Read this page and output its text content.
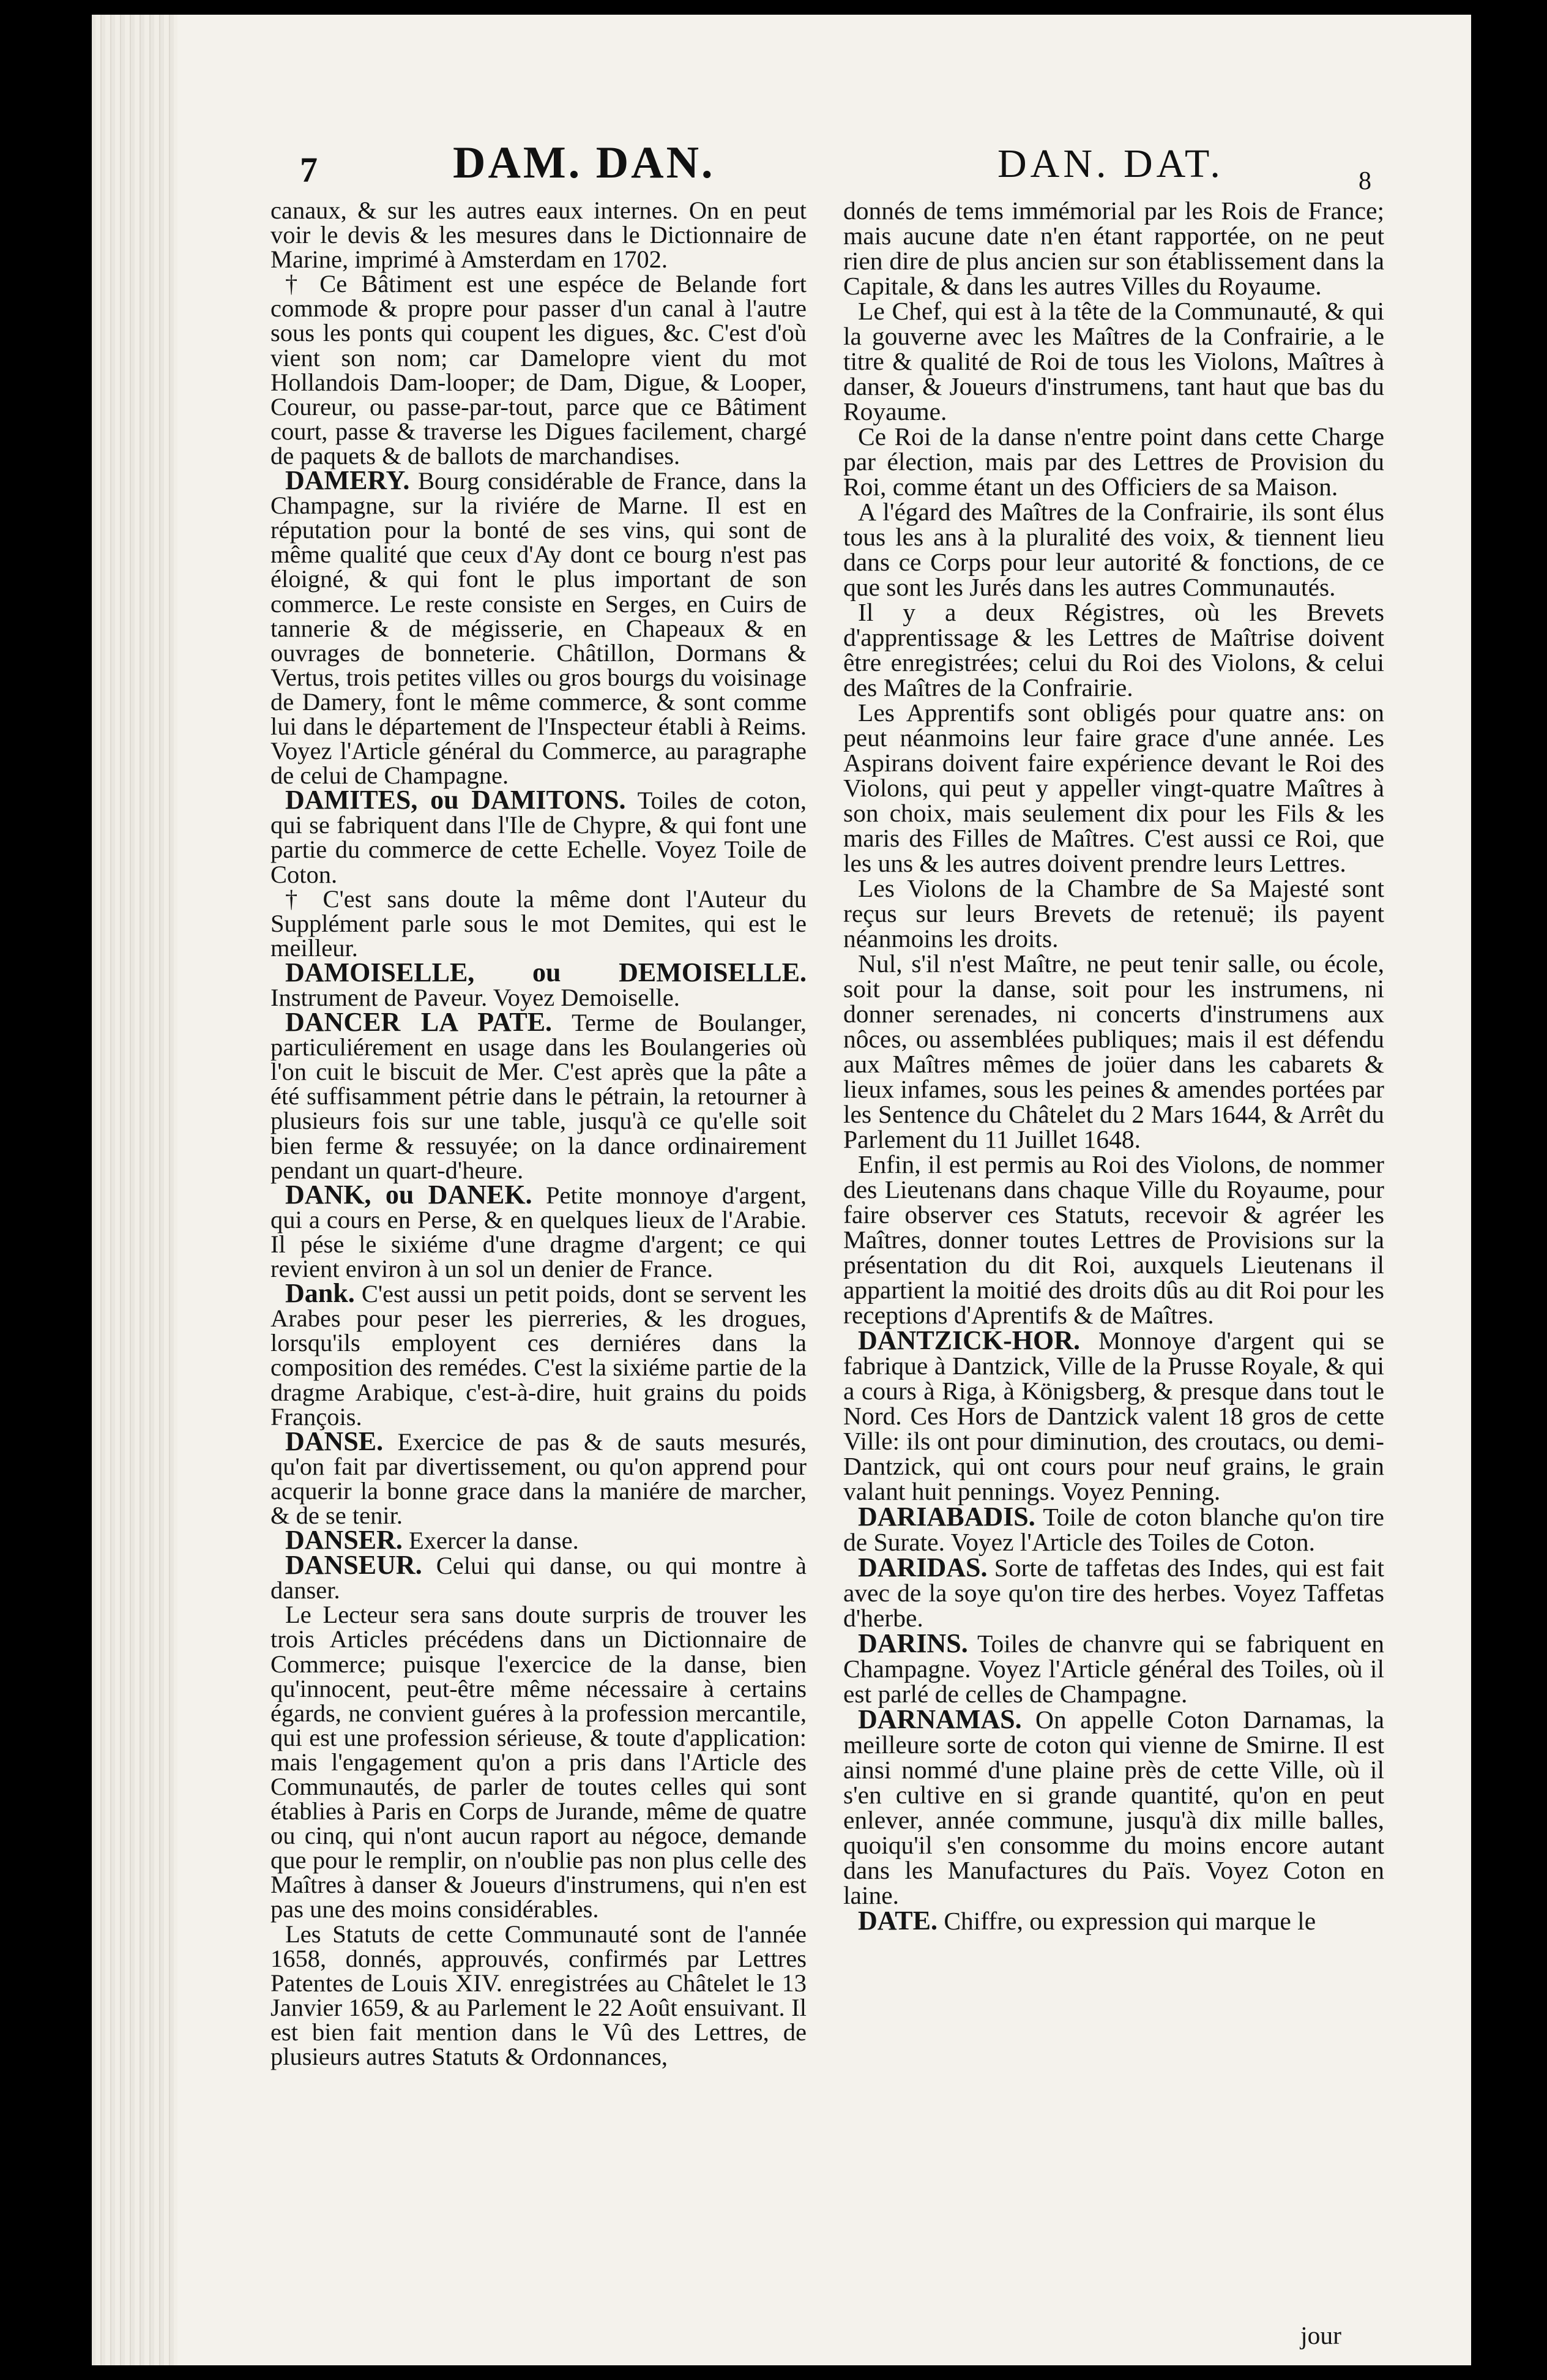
7	DAM. DAN.	DAN. DAT.	8

canaux, & sur les autres eaux internes. On en peut voir le devis & les mesures dans le Dictionnaire de Marine, imprimé à Amsterdam en 1702.

† Ce Bâtiment est une espéce de Belande fort commode & propre pour passer d'un canal à l'autre sous les ponts qui coupent les digues, &c. C'est d'où vient son nom; car Damelopre vient du mot Hollandois Dam-looper; de Dam, Digue, & Looper, Coureur, ou passe-par-tout, parce que ce Bâtiment court, passe & traverse les Digues facilement, chargé de paquets & de ballots de marchandises.

DAMERY. Bourg considérable de France, dans la Champagne, sur la riviére de Marne. Il est en réputation pour la bonté de ses vins, qui sont de même qualité que ceux d'Ay dont ce bourg n'est pas éloigné, & qui font le plus important de son commerce. Le reste consiste en Serges, en Cuirs de tannerie & de mégisserie, en Chapeaux & en ouvrages de bonneterie. Châtillon, Dormans & Vertus, trois petites villes ou gros bourgs du voisinage de Damery, font le même commerce, & sont comme lui dans le département de l'Inspecteur établi à Reims. Voyez l'Article général du Commerce, au paragraphe de celui de Champagne.

DAMITES, ou DAMITONS. Toiles de coton, qui se fabriquent dans l'Ile de Chypre, & qui font une partie du commerce de cette Echelle. Voyez Toile de Coton.

† C'est sans doute la même dont l'Auteur du Supplément parle sous le mot Demites, qui est le meilleur.

DAMOISELLE, ou DEMOISELLE. Instrument de Paveur. Voyez Demoiselle.

DANCER LA PATE. Terme de Boulanger, particuliérement en usage dans les Boulangeries où l'on cuit le biscuit de Mer. C'est après que la pâte a été suffisamment pétrie dans le pétrain, la retourner à plusieurs fois sur une table, jusqu'à ce qu'elle soit bien ferme & ressuyée; on la dance ordinairement pendant un quart-d'heure.

DANK, ou DANEK. Petite monnoye d'argent, qui a cours en Perse, & en quelques lieux de l'Arabie. Il pése le sixiéme d'une dragme d'argent; ce qui revient environ à un sol un denier de France.

Dank. C'est aussi un petit poids, dont se servent les Arabes pour peser les pierreries, & les drogues, lorsqu'ils employent ces derniéres dans la composition des remédes. C'est la sixiéme partie de la dragme Arabique, c'est-à-dire, huit grains du poids François.

DANSE. Exercice de pas & de sauts mesurés, qu'on fait par divertissement, ou qu'on apprend pour acquerir la bonne grace dans la maniére de marcher, & de se tenir.

DANSER. Exercer la danse.

DANSEUR. Celui qui danse, ou qui montre à danser.

Le Lecteur sera sans doute surpris de trouver les trois Articles précédens dans un Dictionnaire de Commerce; puisque l'exercice de la danse, bien qu'innocent, peut-être même nécessaire à certains égards, ne convient guéres à la profession mercantile, qui est une profession sérieuse, & toute d'application: mais l'engagement qu'on a pris dans l'Article des Communautés, de parler de toutes celles qui sont établies à Paris en Corps de Jurande, même de quatre ou cinq, qui n'ont aucun raport au négoce, demande que pour le remplir, on n'oublie pas non plus celle des Maîtres à danser & Joueurs d'instrumens, qui n'en est pas une des moins considérables.

Les Statuts de cette Communauté sont de l'année 1658, donnés, approuvés, confirmés par Lettres Patentes de Louis XIV. enregistrées au Châtelet le 13 Janvier 1659, & au Parlement le 22 Août ensuivant. Il est bien fait mention dans le Vû des Lettres, de plusieurs autres Statuts & Ordonnances,

donnés de tems immémorial par les Rois de France; mais aucune date n'en étant rapportée, on ne peut rien dire de plus ancien sur son établissement dans la Capitale, & dans les autres Villes du Royaume.

Le Chef, qui est à la tête de la Communauté, & qui la gouverne avec les Maîtres de la Confrairie, a le titre & qualité de Roi de tous les Violons, Maîtres à danser, & Joueurs d'instrumens, tant haut que bas du Royaume.

Ce Roi de la danse n'entre point dans cette Charge par élection, mais par des Lettres de Provision du Roi, comme étant un des Officiers de sa Maison.

A l'égard des Maîtres de la Confrairie, ils sont élus tous les ans à la pluralité des voix, & tiennent lieu dans ce Corps pour leur autorité & fonctions, de ce que sont les Jurés dans les autres Communautés.

Il y a deux Régistres, où les Brevets d'apprentissage & les Lettres de Maîtrise doivent être enregistrées; celui du Roi des Violons, & celui des Maîtres de la Confrairie.

Les Apprentifs sont obligés pour quatre ans: on peut néanmoins leur faire grace d'une année. Les Aspirans doivent faire expérience devant le Roi des Violons, qui peut y appeller vingt-quatre Maîtres à son choix, mais seulement dix pour les Fils & les maris des Filles de Maîtres. C'est aussi ce Roi, que les uns & les autres doivent prendre leurs Lettres.

Les Violons de la Chambre de Sa Majesté sont reçus sur leurs Brevets de retenuë; ils payent néanmoins les droits.

Nul, s'il n'est Maître, ne peut tenir salle, ou école, soit pour la danse, soit pour les instrumens, ni donner serenades, ni concerts d'instrumens aux nôces, ou assemblées publiques; mais il est défendu aux Maîtres mêmes de joüer dans les cabarets & lieux infames, sous les peines & amendes portées par les Sentence du Châtelet du 2 Mars 1644, & Arrêt du Parlement du 11 Juillet 1648.

Enfin, il est permis au Roi des Violons, de nommer des Lieutenans dans chaque Ville du Royaume, pour faire observer ces Statuts, recevoir & agréer les Maîtres, donner toutes Lettres de Provisions sur la présentation du dit Roi, auxquels Lieutenans il appartient la moitié des droits dûs au dit Roi pour les receptions d'Aprentifs & de Maîtres.

DANTZICK-HOR. Monnoye d'argent qui se fabrique à Dantzick, Ville de la Prusse Royale, & qui a cours à Riga, à Königsberg, & presque dans tout le Nord. Ces Hors de Dantzick valent 18 gros de cette Ville: ils ont pour diminution, des croutacs, ou demi-Dantzick, qui ont cours pour neuf grains, le grain valant huit pennings. Voyez Penning.

DARIABADIS. Toile de coton blanche qu'on tire de Surate. Voyez l'Article des Toiles de Coton.

DARIDAS. Sorte de taffetas des Indes, qui est fait avec de la soye qu'on tire des herbes. Voyez Taffetas d'herbe.

DARINS. Toiles de chanvre qui se fabriquent en Champagne. Voyez l'Article général des Toiles, où il est parlé de celles de Champagne.

DARNAMAS. On appelle Coton Darnamas, la meilleure sorte de coton qui vienne de Smirne. Il est ainsi nommé d'une plaine près de cette Ville, où il s'en cultive en si grande quantité, qu'on en peut enlever, année commune, jusqu'à dix mille balles, quoiqu'il s'en consomme du moins encore autant dans les Manufactures du Païs. Voyez Coton en laine.

DATE. Chiffre, ou expression qui marque le

jour
